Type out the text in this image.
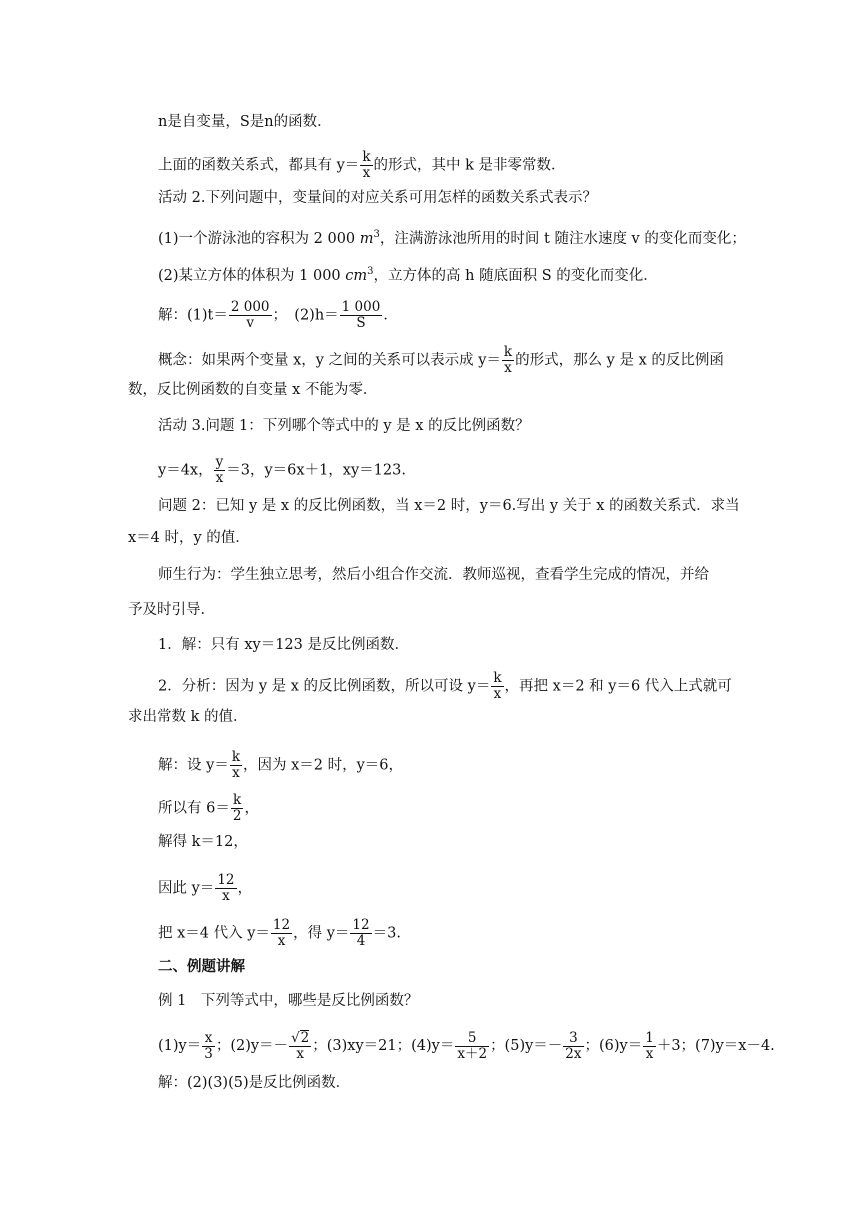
n是自变量，S是n的函数．
上面的函数关系式，都具有 $y= \frac{k}{x}$ 的形式，其中 k 是非零常数．
活动 2.下列问题中，变量间的对应关系可用怎样的函数关系式表示？
(1)一个游泳池的容积为 2 000 $m^3$，注满游泳池所用的时间 t 随注水速度 v 的变化而变化；
(2)某立方体的体积为 1 000 $cm^3$，立方体的高 h 随底面积 S 的变化而变化．
解：$(1)t= \frac{2 000}{v}$ ；　$(2)h= \frac{1 000}{S}$ ．
概念：如果两个变量 x，y 之间的关系可以表示成 $y= \frac{k}{x}$ 的形式，那么 y 是 x 的反比例函
数，反比例函数的自变量 x 不能为零．
活动 3.问题 1：下列哪个等式中的 y 是 x 的反比例函数？
y＝4x， $\frac{y}{x} =3$，y＝6x＋1，xy＝123.
问题 2：已知 y 是 x 的反比例函数，当 x＝2 时，y＝6.写出 y 关于 x 的函数关系式．求当
x＝4 时，y 的值．
师生行为：学生独立思考，然后小组合作交流．教师巡视，查看学生完成的情况，并给
予及时引导．
1．解：只有 xy＝123 是反比例函数．
2．分析：因为 y 是 x 的反比例函数，所以可设 $y= \frac{k}{x}$ ，再把 x＝2 和 y＝6 代入上式就可
求出常数 k 的值．
解：设 $y= \frac{k}{x}$ ，因为 x＝2 时，y＝6，
所以有 $6= \frac{k}{2}$ ，
解得 k＝12，
因此 $y= \frac{12}{x}$ ，
把 x＝4 代入 $y= \frac{12}{x}$ ，得 $y= \frac{12}{4} =3$.
二、例题讲解
例 1　下列等式中，哪些是反比例函数？
$(1)y= \frac{x}{3}$ ；$(2)y=- \frac{√2}{x}$ ；(3)xy＝21；$(4)y= \frac{5}{x+2}$ ；$(5)y=- \frac{3}{2x}$ ；$(6)y= \frac{1}{x} +3$；(7)y＝x－4.
解：(2)(3)(5)是反比例函数．
